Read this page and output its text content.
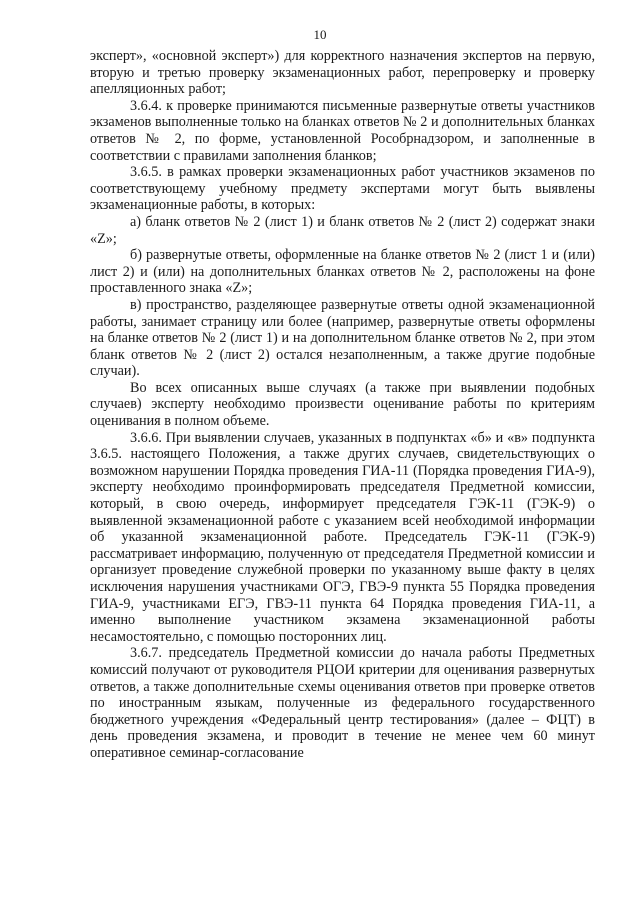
10

эксперт», «основной эксперт») для корректного назначения экспертов на первую, вторую и третью проверку экзаменационных работ, перепроверку и проверку апелляционных работ;

3.6.4. к проверке принимаются письменные развернутые ответы участников экзаменов выполненные только на бланках ответов № 2 и дополнительных бланках ответов № 2, по форме, установленной Рособрнадзором, и заполненные в соответствии с правилами заполнения бланков;

3.6.5. в рамках проверки экзаменационных работ участников экзаменов по соответствующему учебному предмету экспертами могут быть выявлены экзаменационные работы, в которых:

а) бланк ответов № 2 (лист 1) и бланк ответов № 2 (лист 2) содержат знаки «Z»;

б) развернутые ответы, оформленные на бланке ответов № 2 (лист 1 и (или) лист 2) и (или) на дополнительных бланках ответов № 2, расположены на фоне проставленного знака «Z»;

в) пространство, разделяющее развернутые ответы одной экзаменационной работы, занимает страницу или более (например, развернутые ответы оформлены на бланке ответов № 2 (лист 1) и на дополнительном бланке ответов № 2, при этом бланк ответов № 2 (лист 2) остался незаполненным, а также другие подобные случаи).

Во всех описанных выше случаях (а также при выявлении подобных случаев) эксперту необходимо произвести оценивание работы по критериям оценивания в полном объеме.

3.6.6. При выявлении случаев, указанных в подпунктах «б» и «в» подпункта 3.6.5. настоящего Положения, а также других случаев, свидетельствующих о возможном нарушении Порядка проведения ГИА-11 (Порядка проведения ГИА-9), эксперту необходимо проинформировать председателя Предметной комиссии, который, в свою очередь, информирует председателя ГЭК-11 (ГЭК-9) о выявленной экзаменационной работе с указанием всей необходимой информации об указанной экзаменационной работе. Председатель ГЭК-11 (ГЭК-9) рассматривает информацию, полученную от председателя Предметной комиссии и организует проведение служебной проверки по указанному выше факту в целях исключения нарушения участниками ОГЭ, ГВЭ-9 пункта 55 Порядка проведения ГИА-9, участниками ЕГЭ, ГВЭ-11 пункта 64 Порядка проведения ГИА-11, а именно выполнение участником экзамена экзаменационной работы несамостоятельно, с помощью посторонних лиц.

3.6.7. председатель Предметной комиссии до начала работы Предметных комиссий получают от руководителя РЦОИ критерии для оценивания развернутых ответов, а также дополнительные схемы оценивания ответов при проверке ответов по иностранным языкам, полученные из федерального государственного бюджетного учреждения «Федеральный центр тестирования» (далее – ФЦТ) в день проведения экзамена, и проводит в течение не менее чем 60 минут оперативное семинар-согласование
